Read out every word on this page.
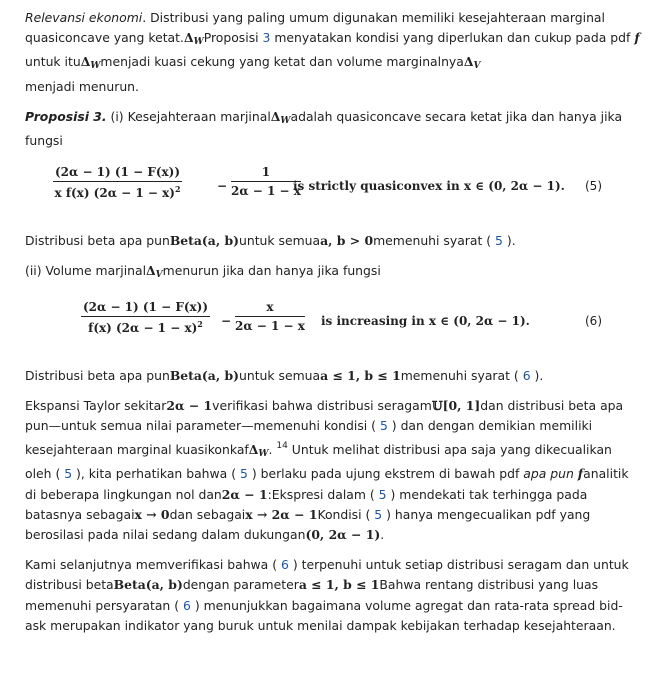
Relevansi ekonomi. Distribusi yang paling umum digunakan memiliki kesejahteraan marginal quasiconcave yang $ketat.\Delta_WProposisi$ 3 menyatakan kondisi yang diperlukan dan cukup pada pdf f untuk ituΔ$_W$menjadi kuasi cekung yang ketat dan volume marginalnyaΔ$_V$
menjadi menurun.

Proposisi 3. (i) Kesejahteraan marjinalΔ$_W$adalah quasiconcave secara ketat jika dan hanya jika fungsi

$\frac{(2\alpha - 1) (1 - F(x))}{x f(x) (2\alpha - 1 - x)^2}$	− $\frac{1}{2\alpha - 1 - x}$
is strictly quasiconvex in x ∈ (0, 2α − 1). (5)

Distribusi beta apa punBeta(a, b)untuk semuaa, b > 0memenuhi syarat ( 5 ).

(ii) Volume marjinalΔ$_V$menurun jika dan hanya jika fungsi

$\frac{(2\alpha - 1) (1 - F(x))}{f(x) (2\alpha - 1 - x)^2} - \frac{x}{2\alpha - 1 - x}$ is increasing in x ∈ (0, 2α − 1).	(6)

Distribusi beta apa punBeta(a, b)untuk semuaa ≤ 1, b ≤ 1memenuhi syarat ( 6 ).

Ekspansi Taylor sekitar2α − 1verifikasi bahwa distribusi seragam𝕌[0, 1]dan distribusi beta apa pun—untuk semua nilai parameter—memenuhi kondisi ( 5 ) dan dengan demikian memiliki kesejahteraan marginal kuasikonkafΔ$_W$. $^{14}$ Untuk melihat distribusi apa saja yang dikecualikan oleh ( 5 ), kita perhatikan bahwa ( 5 ) berlaku pada ujung ekstrem di bawah pdf apa pun fanalitik di beberapa lingkungan nol dan2α − 1:Ekspresi dalam ( 5 ) mendekati tak terhingga pada batasnya sebagaix → 0dan sebagaix → 2α − 1Kondisi ( 5 ) hanya mengecualikan pdf yang berosilasi pada nilai sedang dalam dukungan(0, 2α − 1).

Kami selanjutnya memverifikasi bahwa ( 6 ) terpenuhi untuk setiap distribusi seragam dan untuk distribusi betaBeta(a, b)dengan parametera ≤ 1, b ≤ 1Bahwa rentang distribusi yang luas memenuhi persyaratan ( 6 ) menunjukkan bagaimana volume agregat dan rata-rata spread bid-ask merupakan indikator yang buruk untuk menilai dampak kebijakan terhadap kesejahteraan.
